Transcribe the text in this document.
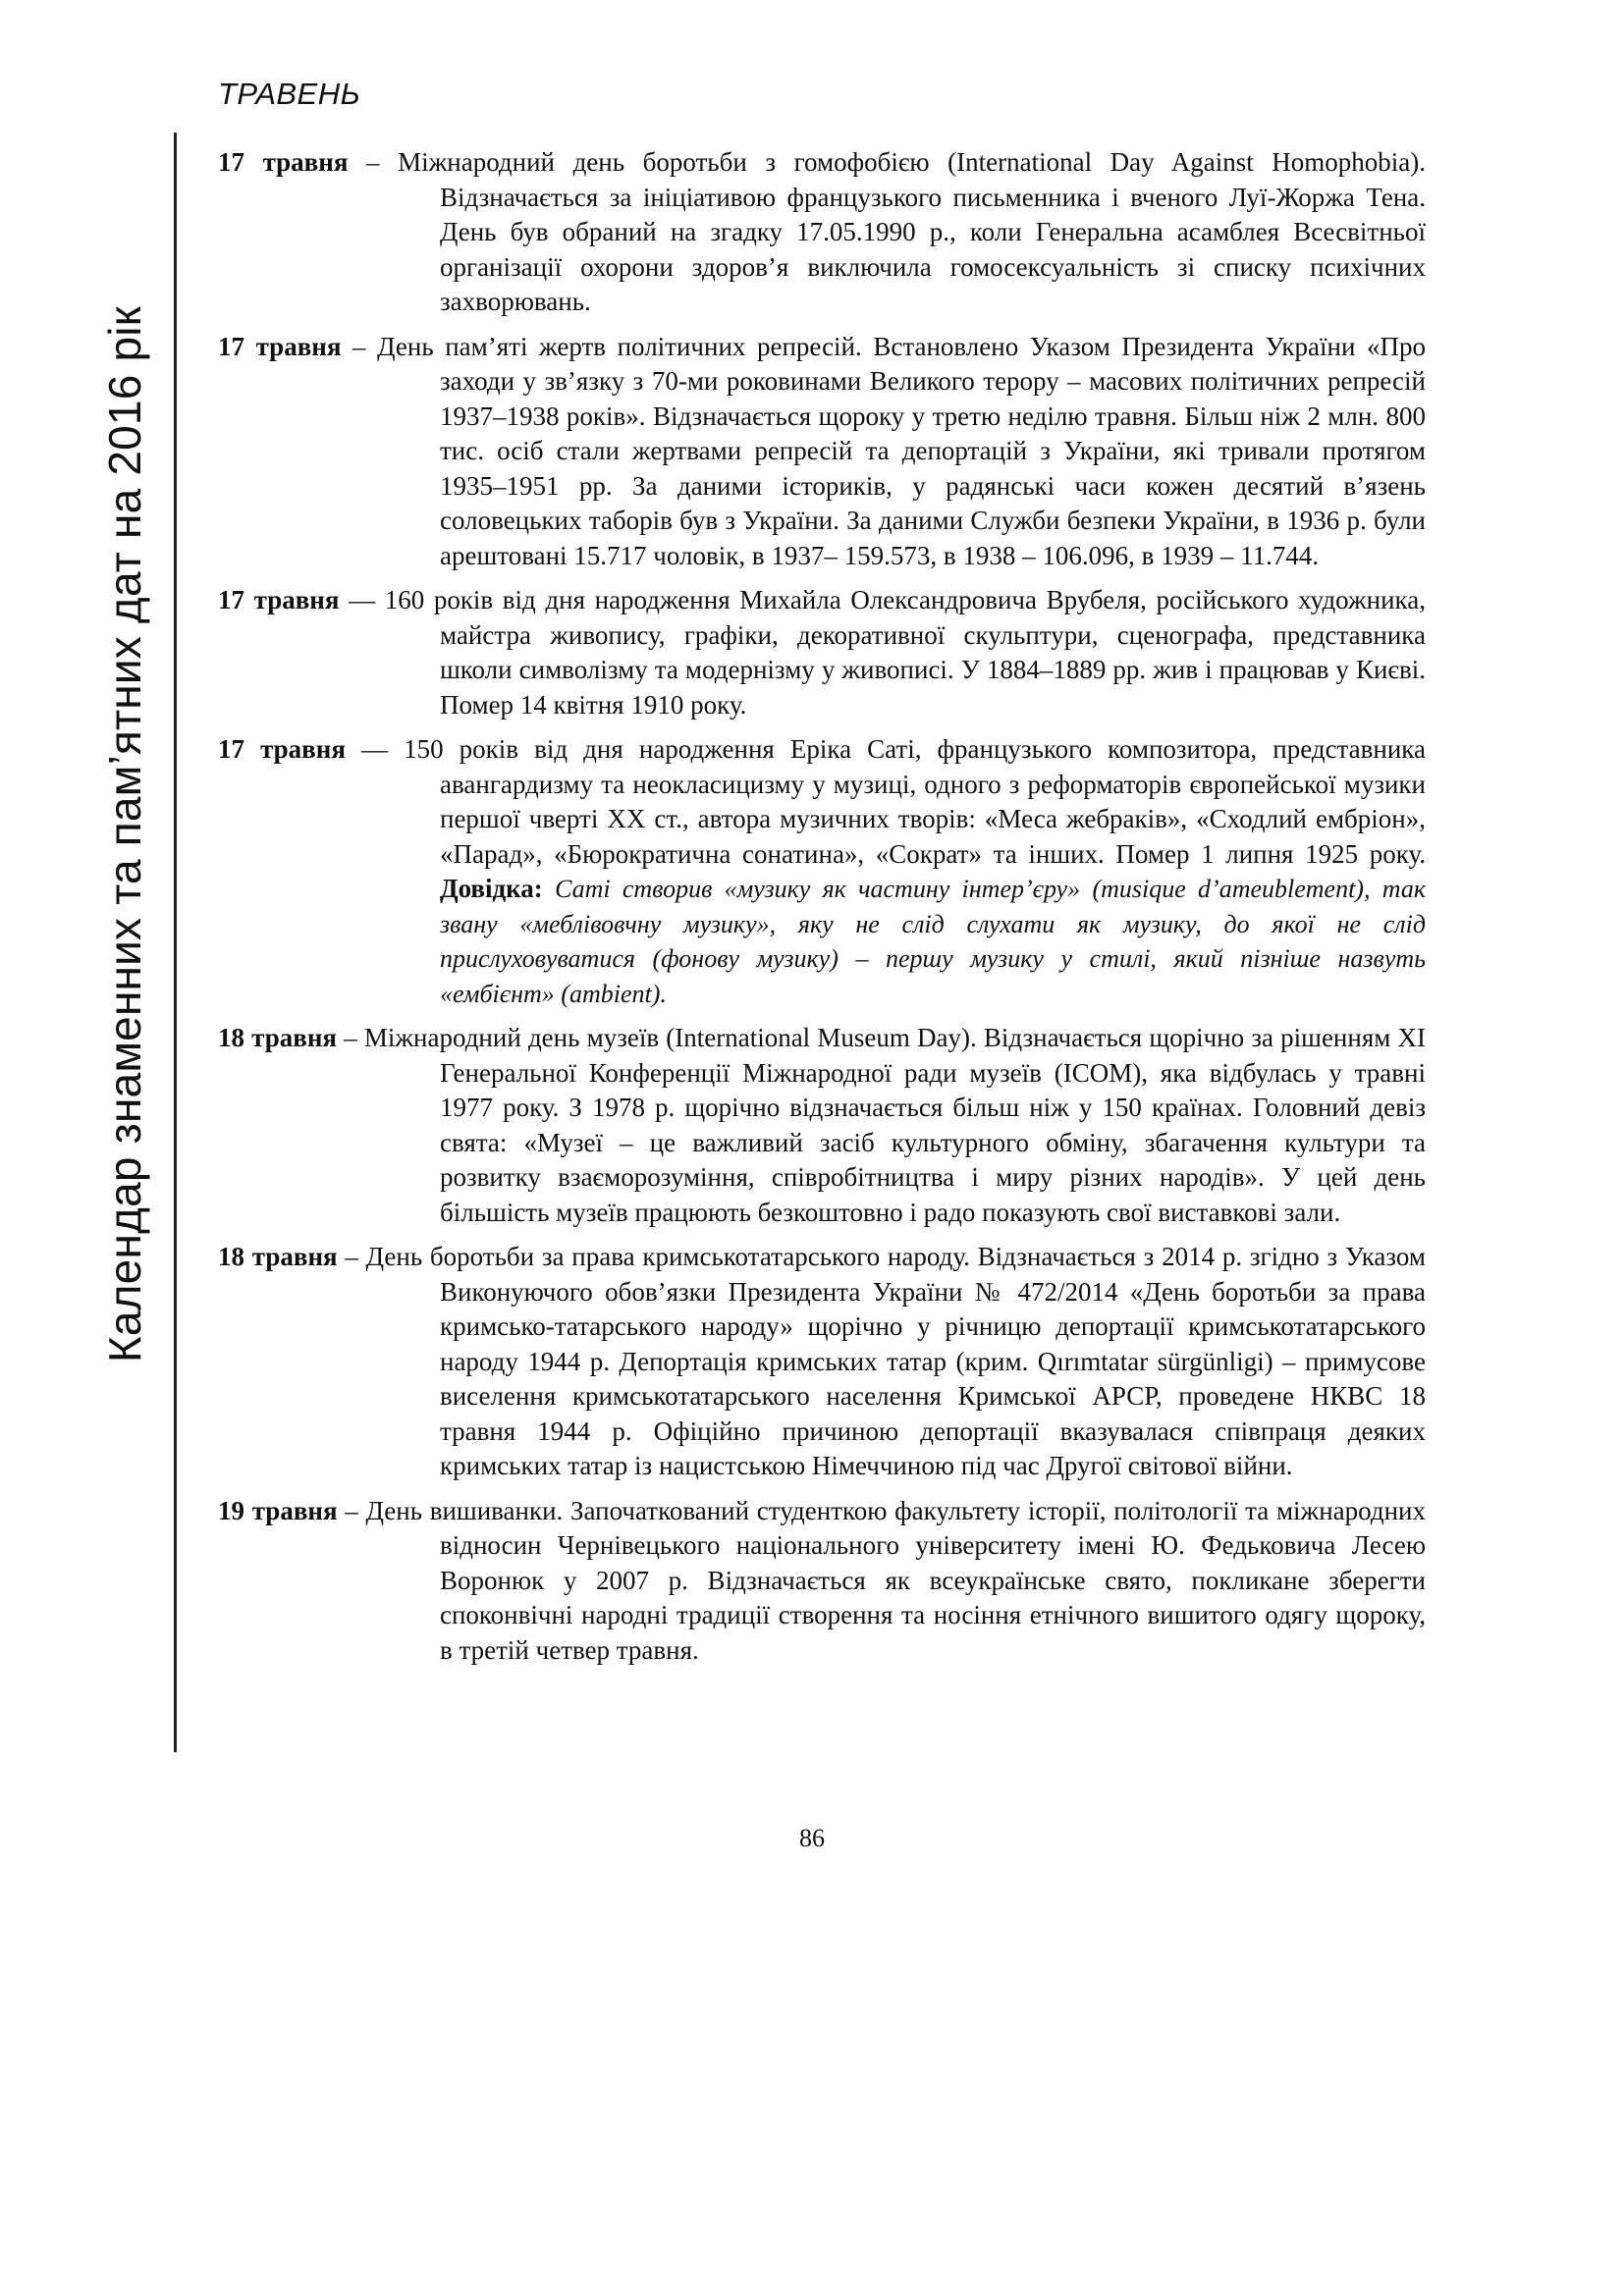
ТРАВЕНЬ
Календар знаменних та пам’ятних дат на 2016 рік

17 травня – Міжнародний день боротьби з гомофобією (International Day Against Homophobia). Відзначається за ініціативою французького письменника і вченого Луї-Жоржа Тена. День був обраний на згадку 17.05.1990 р., коли Генеральна асамблея Всесвітньої організації охорони здоров’я виключила гомосексуальність зі списку психічних захворювань.

17 травня – День пам’яті жертв політичних репресій. Встановлено Указом Президента України «Про заходи у зв’язку з 70-ми роковинами Великого терору – масових політичних репресій 1937–1938 років». Відзначається щороку у третю неділю травня. Більш ніж 2 млн. 800 тис. осіб стали жертвами репресій та депортацій з України, які тривали протягом 1935–1951 рр. За даними істориків, у радянські часи кожен десятий в’язень соловецьких таборів був з України. За даними Служби безпеки України, в 1936 р. були арештовані 15.717 чоловік, в 1937– 159.573, в 1938 – 106.096, в 1939 – 11.744.

17 травня — 160 років від дня народження Михайла Олександровича Врубеля, російського художника, майстра живопису, графіки, декоративної скульптури, сценографа, представника школи символізму та модернізму у живописі. У 1884–1889 рр. жив і працював у Києві. Помер 14 квітня 1910 року.

17 травня — 150 років від дня народження Еріка Саті, французького композитора, представника авангардизму та неокласицизму у музиці, одного з реформаторів європейської музики першої чверті XX ст., автора музичних творів: «Меса жебраків», «Сходлий ембріон», «Парад», «Бюрократична сонатина», «Сократ» та інших. Помер 1 липня 1925 року. Довідка: Саті створив «музику як частину інтер’єру» (musique d’ameublement), так звану «меблівовчну музику», яку не слід слухати як музику, до якої не слід прислуховуватися (фонову музику) – першу музику у стилі, який пізніше назвуть «ембієнт» (ambient).

18 травня – Міжнародний день музеїв (International Museum Day). Відзначається щорічно за рішенням XI Генеральної Конференції Міжнародної ради музеїв (ICOM), яка відбулась у травні 1977 року. З 1978 р. щорічно відзначається більш ніж у 150 країнах. Головний девіз свята: «Музеї – це важливий засіб культурного обміну, збагачення культури та розвитку взаєморозуміння, співробітництва і миру різних народів». У цей день більшість музеїв працюють безкоштовно і радо показують свої виставкові зали.

18 травня – День боротьби за права кримськотатарського народу. Відзначається з 2014 р. згідно з Указом Виконуючого обов’язки Президента України № 472/2014 «День боротьби за права кримсько-татарського народу» щорічно у річницю депортації кримськотатарського народу 1944 р. Депортація кримських татар (крим. Qırımtatar sürgünligi) – примусове виселення кримськотатарського населення Кримської АРСР, проведене НКВС 18 травня 1944 р. Офіційно причиною депортації вказувалася співпраця деяких кримських татар із нацистською Німеччиною під час Другої світової війни.

19 травня – День вишиванки. Започаткований студенткою факультету історії, політології та міжнародних відносин Чернівецького національного університету імені Ю. Федьковича Лесею Воронюк у 2007 р. Відзначається як всеукраїнське свято, покликане зберегти споконвічні народні традиції створення та носіння етнічного вишитого одягу щороку, в третій четвер травня.

86
